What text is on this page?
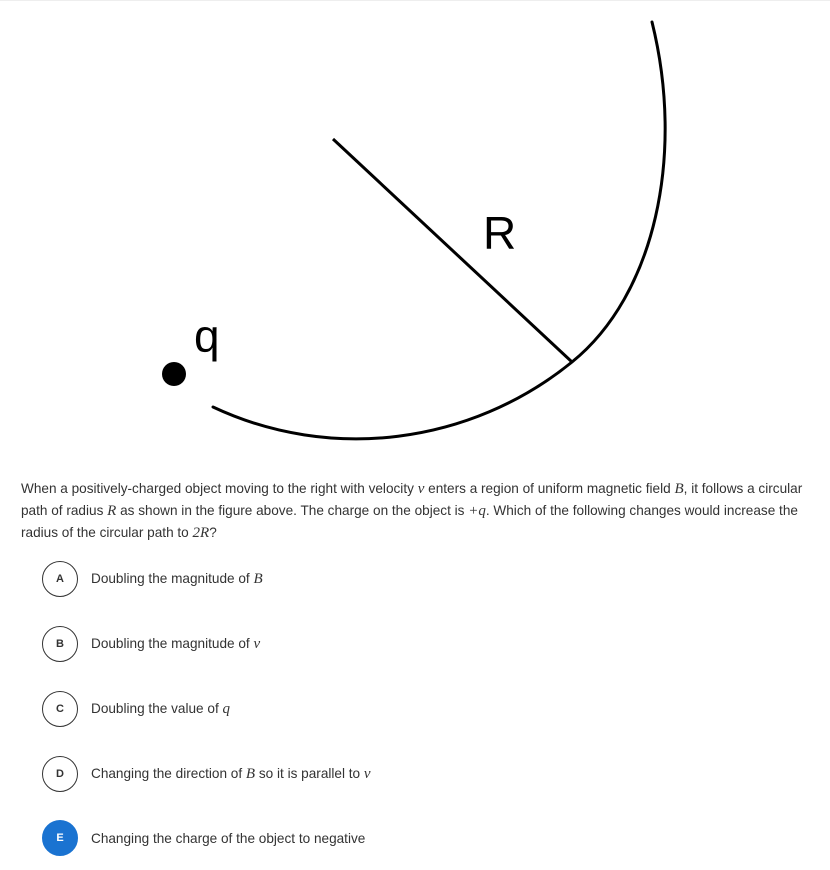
R
q
When a positively-charged object moving to the right with velocity v enters a region of uniform magnetic field B, it follows a circular path of radius R as shown in the figure above. The charge on the object is +q. Which of the following changes would increase the radius of the circular path to 2R?
A	Doubling the magnitude of B
B	Doubling the magnitude of v
C	Doubling the value of q
D	Changing the direction of B so it is parallel to v
E	Changing the charge of the object to negative
